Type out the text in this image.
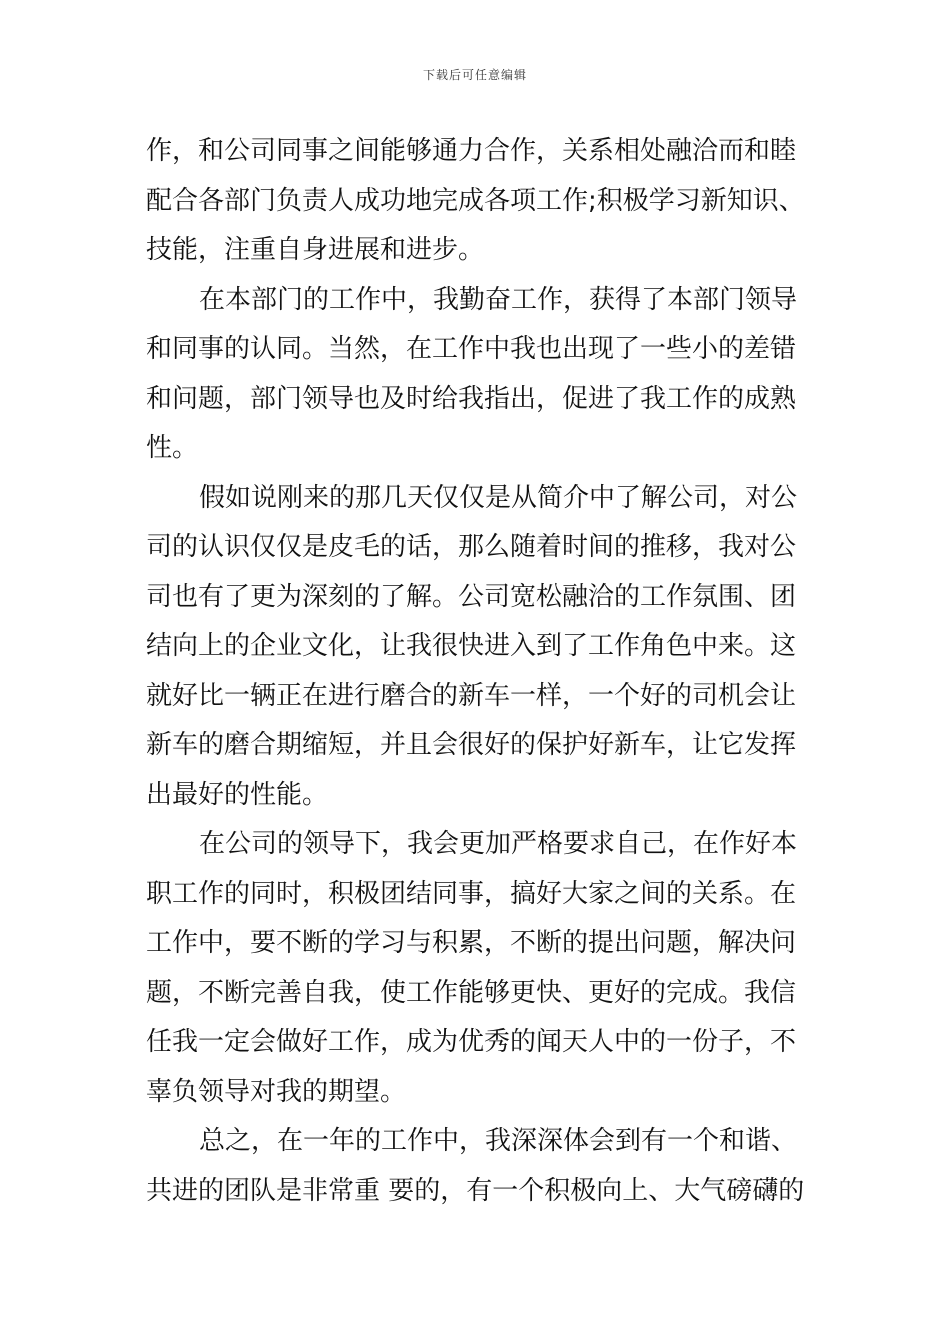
下载后可任意编辑
作，和公司同事之间能够通力合作，关系相处融洽而和睦
配合各部门负责人成功地完成各项工作;积极学习新知识、
技能，注重自身进展和进步。
在本部门的工作中，我勤奋工作，获得了本部门领导
和同事的认同。当然，在工作中我也出现了一些小的差错
和问题，部门领导也及时给我指出，促进了我工作的成熟
性。
假如说刚来的那几天仅仅是从简介中了解公司，对公
司的认识仅仅是皮毛的话，那么随着时间的推移，我对公
司也有了更为深刻的了解。公司宽松融洽的工作氛围、团
结向上的企业文化，让我很快进入到了工作角色中来。这
就好比一辆正在进行磨合的新车一样，一个好的司机会让
新车的磨合期缩短，并且会很好的保护好新车，让它发挥
出最好的性能。
在公司的领导下，我会更加严格要求自己，在作好本
职工作的同时，积极团结同事，搞好大家之间的关系。在
工作中，要不断的学习与积累，不断的提出问题，解决问
题，不断完善自我，使工作能够更快、更好的完成。我信
任我一定会做好工作，成为优秀的闻天人中的一份子，不
辜负领导对我的期望。
总之，在一年的工作中，我深深体会到有一个和谐、
共进的团队是非常重 要的，有一个积极向上、大气磅礴的
